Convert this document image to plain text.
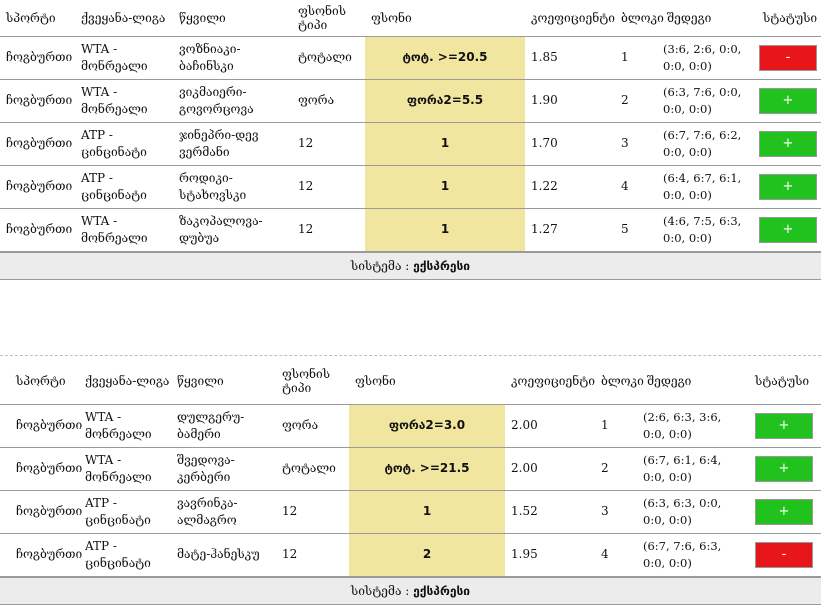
სპორტი	ქვეყანა-ლიგა	წყვილი	ფსონის ტიპი	ფსონი	კოეფიციენტი	ბლოკი	შედეგი	სტატუსი
ჩოგბურთი	WTA - მონრეალი	ვოზნიაკი-ბაჩინსკი	ტოტალი	ტოტ. >=20.5	1.85	1	(3:6, 2:6, 0:0, 0:0, 0:0)	-
ჩოგბურთი	WTA - მონრეალი	ვიკმაიერი-გოვორცოვა	ფორა	ფორა2=5.5	1.90	2	(6:3, 7:6, 0:0, 0:0, 0:0)	+
ჩოგბურთი	ATP - ცინცინატი	ჯინეპრი-დევ ვერმანი	12	1	1.70	3	(6:7, 7:6, 6:2, 0:0, 0:0)	+
ჩოგბურთი	ATP - ცინცინატი	როდიკი-სტახოვსკი	12	1	1.22	4	(6:4, 6:7, 6:1, 0:0, 0:0)	+
ჩოგბურთი	WTA - მონრეალი	ზაკოპალოვა-დუბუა	12	1	1.27	5	(4:6, 7:5, 6:3, 0:0, 0:0)	+
სისტემა : ექსპრესი
სპორტი	ქვეყანა-ლიგა	წყვილი	ფსონის ტიპი	ფსონი	კოეფიციენტი	ბლოკი	შედეგი	სტატუსი
ჩოგბურთი	WTA - მონრეალი	დულგერუ-ბამერი	ფორა	ფორა2=3.0	2.00	1	(2:6, 6:3, 3:6, 0:0, 0:0)	+
ჩოგბურთი	WTA - მონრეალი	შვედოვა-კერბერი	ტოტალი	ტოტ. >=21.5	2.00	2	(6:7, 6:1, 6:4, 0:0, 0:0)	+
ჩოგბურთი	ATP - ცინცინატი	ვავრინკა-ალმაგრო	12	1	1.52	3	(6:3, 6:3, 0:0, 0:0, 0:0)	+
ჩოგბურთი	ATP - ცინცინატი	მატე-ჰანესკუ	12	2	1.95	4	(6:7, 7:6, 6:3, 0:0, 0:0)	-
სისტემა : ექსპრესი
